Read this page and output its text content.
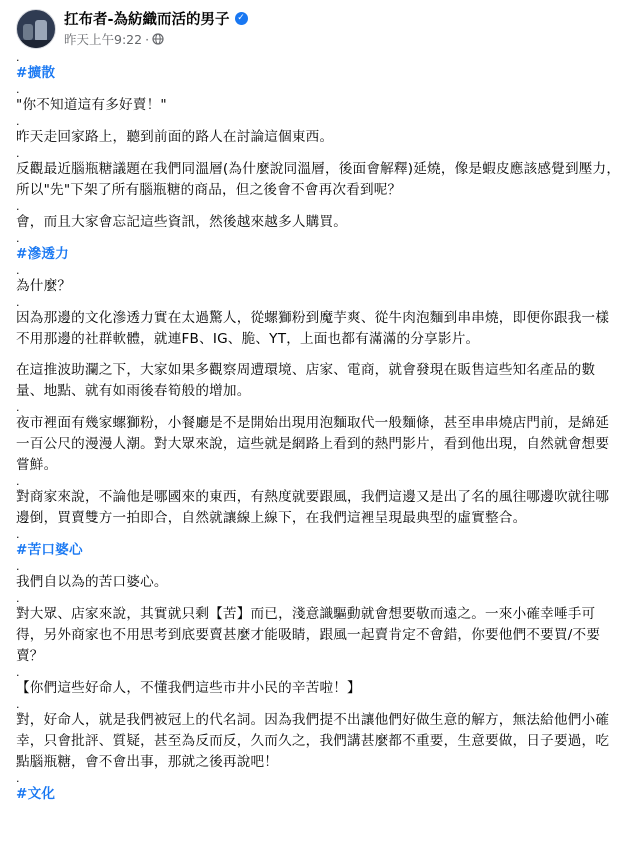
扛布者-為紡織而活的男子 ✓
昨天上午9:22 ·
.

#擴散

.

"你不知道這有多好賣！"

.

昨天走回家路上，聽到前面的路人在討論這個東西。

.

反觀最近腦瓶糖議題在我們同溫層(為什麼說同溫層，後面會解釋)延燒，像是蝦皮應該感覺到壓力，所以"先"下架了所有腦瓶糖的商品，但之後會不會再次看到呢？

.

會，而且大家會忘記這些資訊，然後越來越多人購買。

.

#滲透力

.

為什麼？

.

因為那邊的文化滲透力實在太過驚人，從螺獅粉到魔芋爽、從牛肉泡麵到串串燒，即便你跟我一樣不用那邊的社群軟體，就連FB、IG、脆、YT，上面也都有滿滿的分享影片。

在這推波助瀾之下，大家如果多觀察周遭環境、店家、電商，就會發現在販售這些知名產品的數量、地點、就有如雨後春筍般的增加。

.

夜市裡面有幾家螺獅粉，小餐廳是不是開始出現用泡麵取代一般麵條，甚至串串燒店門前，是綿延一百公尺的漫漫人潮。對大眾來說，這些就是網路上看到的熱門影片，看到他出現，自然就會想要嘗鮮。

.

對商家來說，不論他是哪國來的東西，有熱度就要跟風，我們這邊又是出了名的風往哪邊吹就往哪邊倒，買賣雙方一拍即合，自然就讓線上線下，在我們這裡呈現最典型的虛實整合。

.

#苦口婆心

.

我們自以為的苦口婆心。

.

對大眾、店家來說，其實就只剩【苦】而已，淺意識驅動就會想要敬而遠之。一來小確幸唾手可得，另外商家也不用思考到底要賣甚麼才能吸睛，跟風一起賣肯定不會錯，你要他們不要買/不要賣？

.

【你們這些好命人，不懂我們這些市井小民的辛苦啦！】

.

對，好命人，就是我們被冠上的代名詞。因為我們提不出讓他們好做生意的解方，無法給他們小確幸，只會批評、質疑，甚至為反而反，久而久之，我們講甚麼都不重要，生意要做，日子要過，吃點腦瓶糖，會不會出事，那就之後再說吧！

.

#文化
